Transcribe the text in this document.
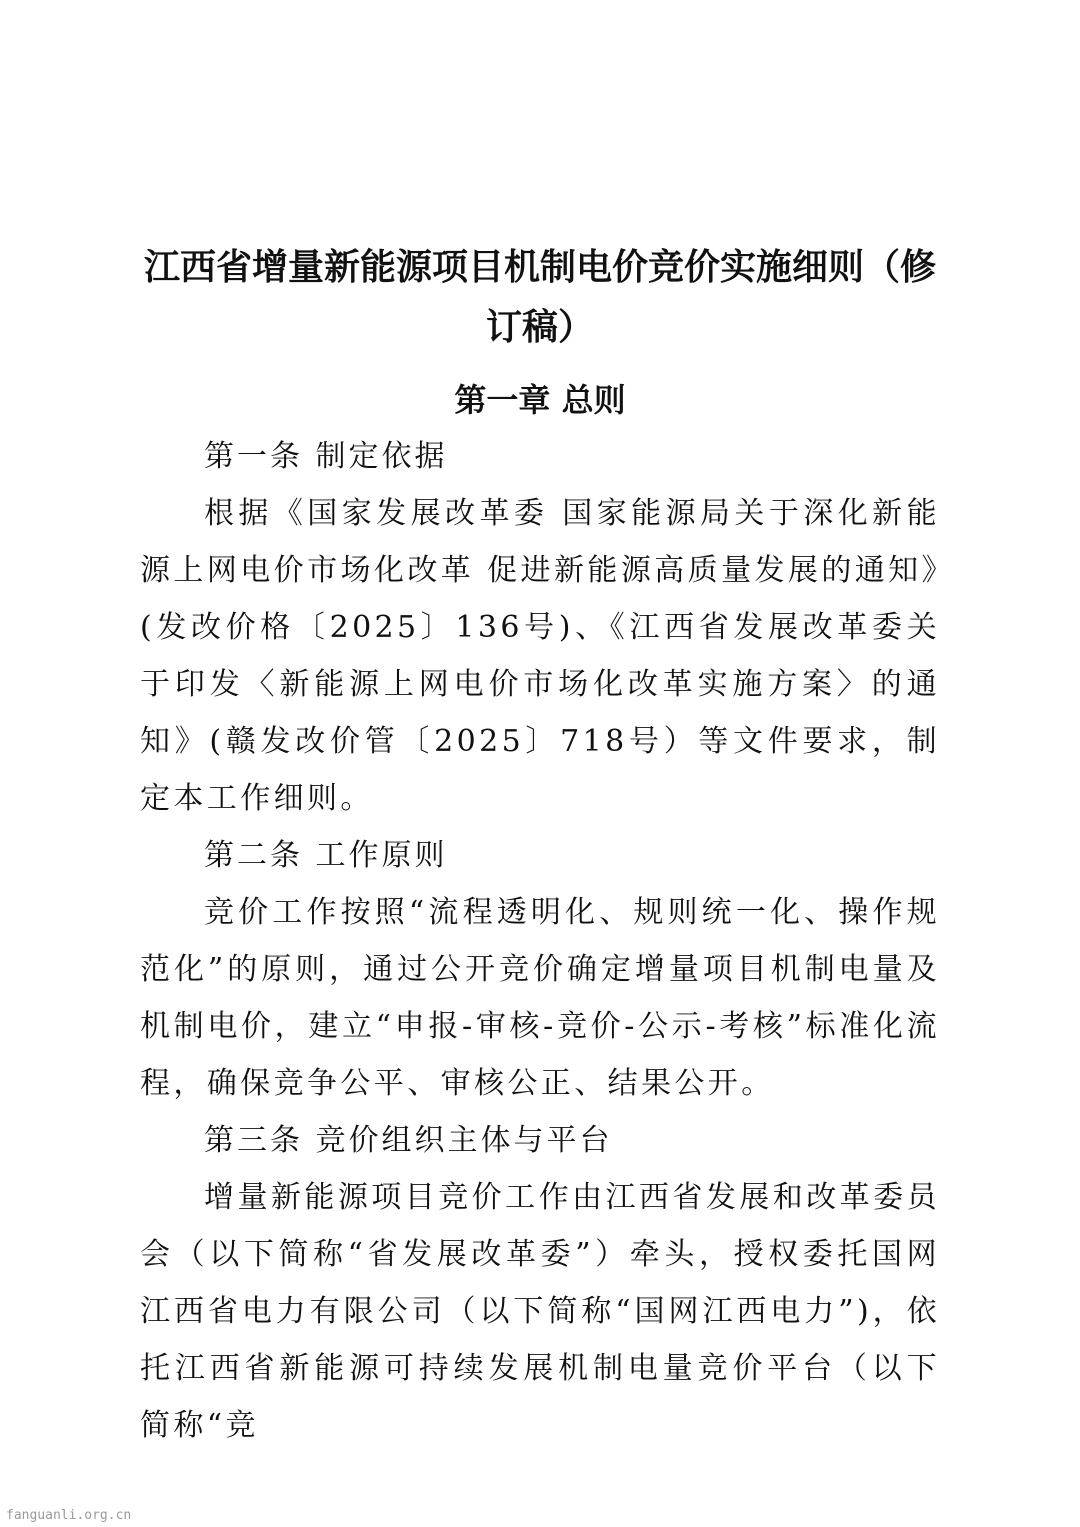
江西省增量新能源项目机制电价竞价实施细则（修订稿）
第一章 总则

第一条 制定依据

根据《国家发展改革委 国家能源局关于深化新能源上网电价市场化改革 促进新能源高质量发展的通知》(发改价格〔2025〕136号)、《江西省发展改革委关于印发〈新能源上网电价市场化改革实施方案〉的通知》(赣发改价管〔2025〕718号）等文件要求，制定本工作细则。

第二条 工作原则

竞价工作按照“流程透明化、规则统一化、操作规范化”的原则，通过公开竞价确定增量项目机制电量及机制电价，建立“申报-审核-竞价-公示-考核”标准化流程，确保竞争公平、审核公正、结果公开。

第三条 竞价组织主体与平台

增量新能源项目竞价工作由江西省发展和改革委员会（以下简称“省发展改革委”）牵头，授权委托国网江西省电力有限公司（以下简称“国网江西电力”)，依托江西省新能源可持续发展机制电量竞价平台（以下简称“竞

fanguanli.org.cn
